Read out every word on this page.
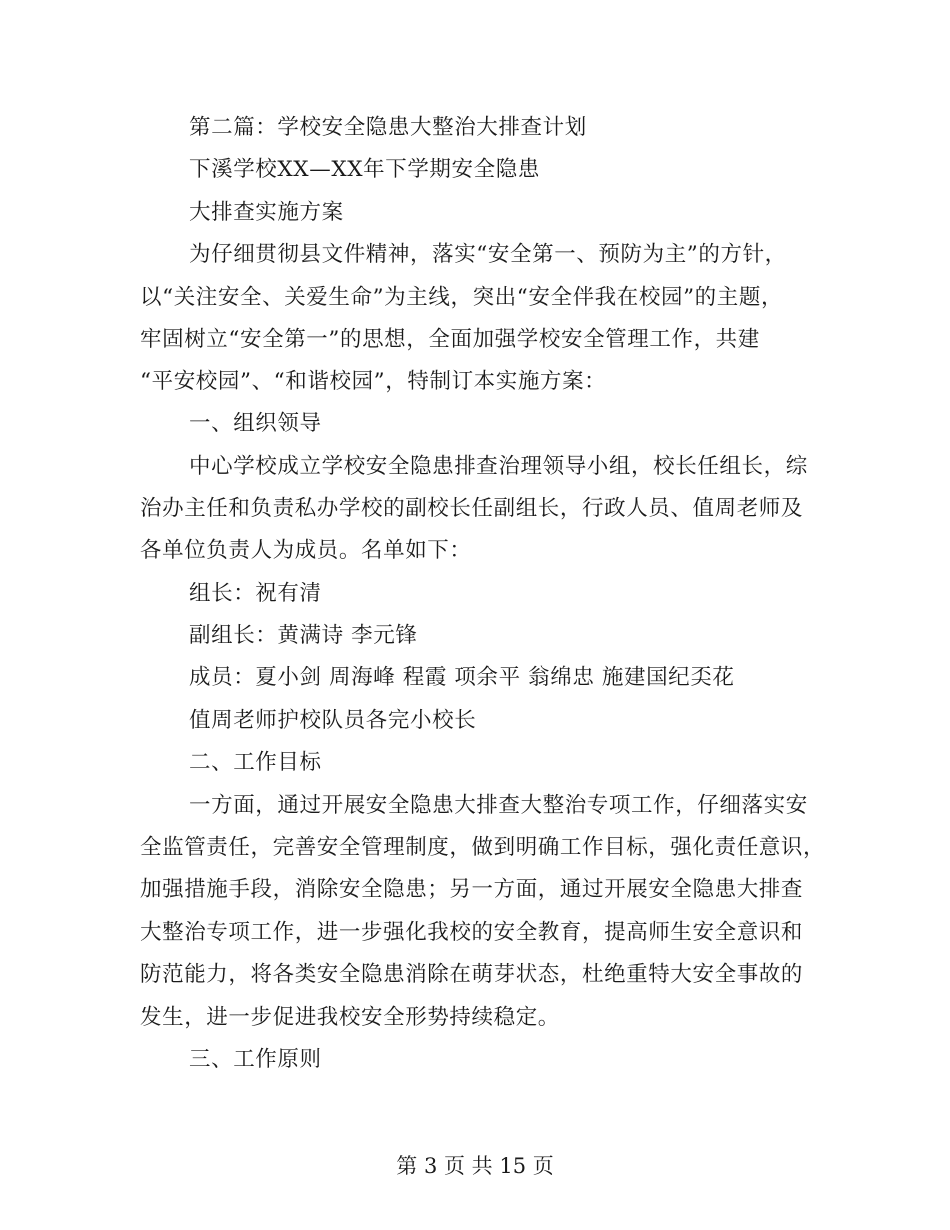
第二篇：学校安全隐患大整治大排查计划
下溪学校XX—XX年下学期安全隐患
大排查实施方案
为仔细贯彻县文件精神，落实“安全第一、预防为主”的方针，
以“关注安全、关爱生命”为主线，突出“安全伴我在校园”的主题，
牢固树立“安全第一”的思想，全面加强学校安全管理工作，共建
“平安校园”、“和谐校园”，特制订本实施方案：
一、组织领导
中心学校成立学校安全隐患排查治理领导小组，校长任组长，综
治办主任和负责私办学校的副校长任副组长，行政人员、值周老师及
各单位负责人为成员。名单如下：
组长：祝有清
副组长：黄满诗 李元锋
成员：夏小剑 周海峰 程霞 项余平 翁绵忠 施建国纪奀花
值周老师护校队员各完小校长
二、工作目标
一方面，通过开展安全隐患大排查大整治专项工作，仔细落实安
全监管责任，完善安全管理制度，做到明确工作目标，强化责任意识，
加强措施手段，消除安全隐患；另一方面，通过开展安全隐患大排查
大整治专项工作，进一步强化我校的安全教育，提高师生安全意识和
防范能力，将各类安全隐患消除在萌芽状态，杜绝重特大安全事故的
发生，进一步促进我校安全形势持续稳定。
三、工作原则
第 3 页 共 15 页
